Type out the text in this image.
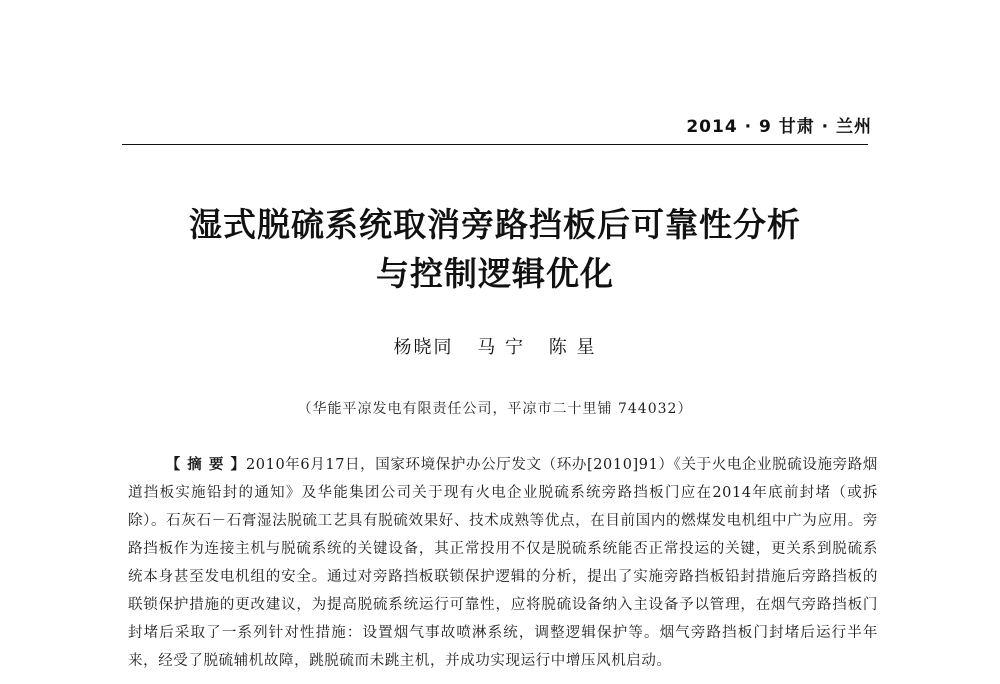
2014 · 9 甘肃 · 兰州
湿式脱硫系统取消旁路挡板后可靠性分析
与控制逻辑优化
杨晓同 马 宁 陈 星
（华能平凉发电有限责任公司，平凉市二十里铺 744032）
【 摘 要 】2010年6月17日，国家环境保护办公厅发文（环办[2010]91）《关于火电企业脱硫设施旁路烟道挡板实施铅封的通知》及华能集团公司关于现有火电企业脱硫系统旁路挡板门应在2014年底前封堵（或拆除）。石灰石－石膏湿法脱硫工艺具有脱硫效果好、技术成熟等优点，在目前国内的燃煤发电机组中广为应用。旁路挡板作为连接主机与脱硫系统的关键设备，其正常投用不仅是脱硫系统能否正常投运的关键，更关系到脱硫系统本身甚至发电机组的安全。通过对旁路挡板联锁保护逻辑的分析，提出了实施旁路挡板铅封措施后旁路挡板的联锁保护措施的更改建议，为提高脱硫系统运行可靠性，应将脱硫设备纳入主设备予以管理，在烟气旁路挡板门封堵后采取了一系列针对性措施：设置烟气事故喷淋系统，调整逻辑保护等。烟气旁路挡板门封堵后运行半年来，经受了脱硫辅机故障，跳脱硫而未跳主机，并成功实现运行中增压风机启动。
